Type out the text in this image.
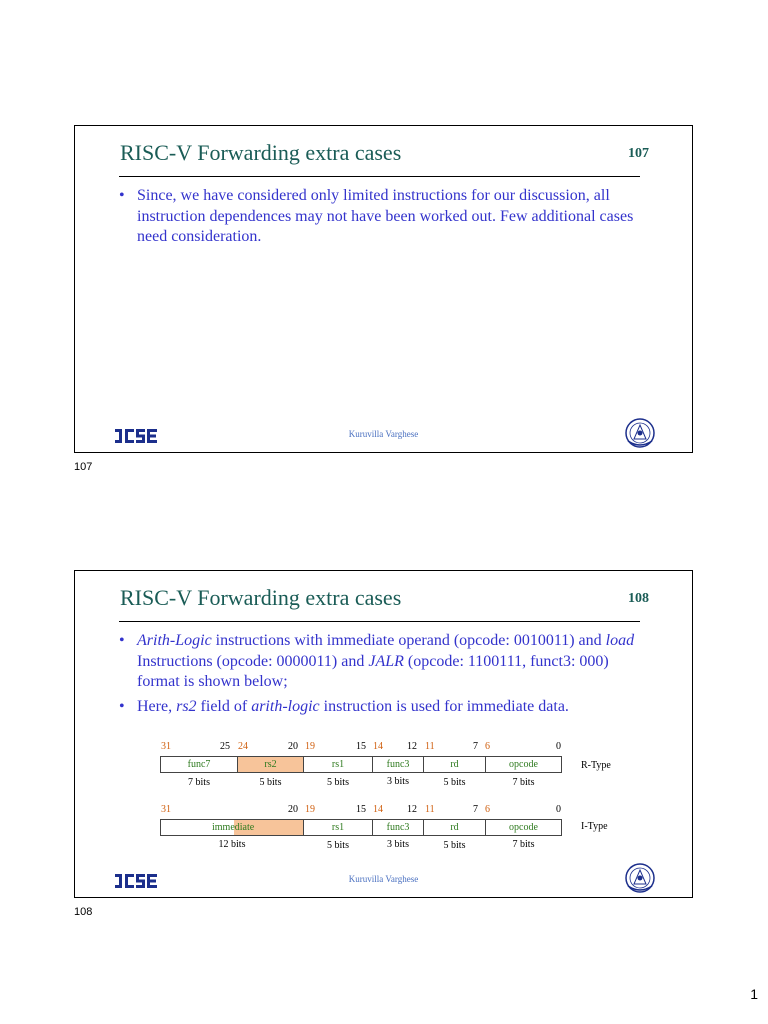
RISC-V Forwarding extra cases	107
• Since, we have considered only limited instructions for our discussion, all instruction dependences may not have been worked out. Few additional cases need consideration.
Kuruvilla Varghese
107
RISC-V Forwarding extra cases	108
• Arith-Logic instructions with immediate operand (opcode: 0010011) and load Instructions (opcode: 0000011) and JALR (opcode: 1100111, funct3: 000) format is shown below;
• Here, rs2 field of arith-logic instruction is used for immediate data.
31	25 24	20 19	15 14 12 11	7 6	0
func7	rs2	rs1	func3	rd	opcode	R-Type
7 bits	5 bits	5 bits	3 bits	5 bits	7 bits
31	20 19	15 14 12 11	7 6	0
immediate	rs1	func3	rd	opcode	I-Type
12 bits	5 bits	3 bits	5 bits	7 bits
Kuruvilla Varghese
108
1
